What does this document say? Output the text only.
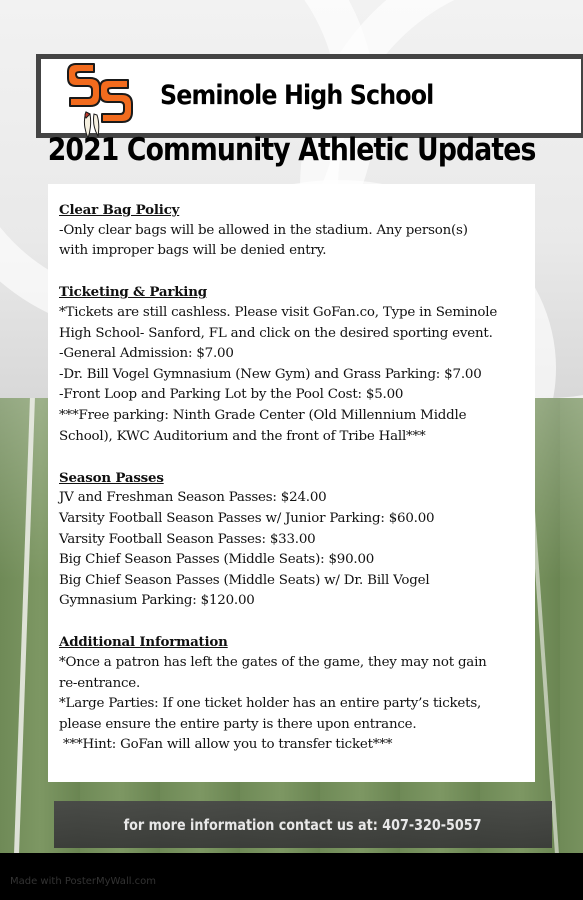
Seminole High School
2021 Community Athletic Updates
Clear Bag Policy
-Only clear bags will be allowed in the stadium. Any person(s)
with improper bags will be denied entry.
Ticketing & Parking
*Tickets are still cashless. Please visit GoFan.co, Type in Seminole
High School- Sanford, FL and click on the desired sporting event.
-General Admission: $7.00
-Dr. Bill Vogel Gymnasium (New Gym) and Grass Parking: $7.00
-Front Loop and Parking Lot by the Pool Cost: $5.00
***Free parking: Ninth Grade Center (Old Millennium Middle
School), KWC Auditorium and the front of Tribe Hall***
Season Passes
JV and Freshman Season Passes: $24.00
Varsity Football Season Passes w/ Junior Parking: $60.00
Varsity Football Season Passes: $33.00
Big Chief Season Passes (Middle Seats): $90.00
Big Chief Season Passes (Middle Seats) w/ Dr. Bill Vogel
Gymnasium Parking: $120.00
Additional Information
*Once a patron has left the gates of the game, they may not gain
re-entrance.
*Large Parties: If one ticket holder has an entire party’s tickets,
please ensure the entire party is there upon entrance.
***Hint: GoFan will allow you to transfer ticket***
for more information contact us at: 407-320-5057
Made with PosterMyWall.com
